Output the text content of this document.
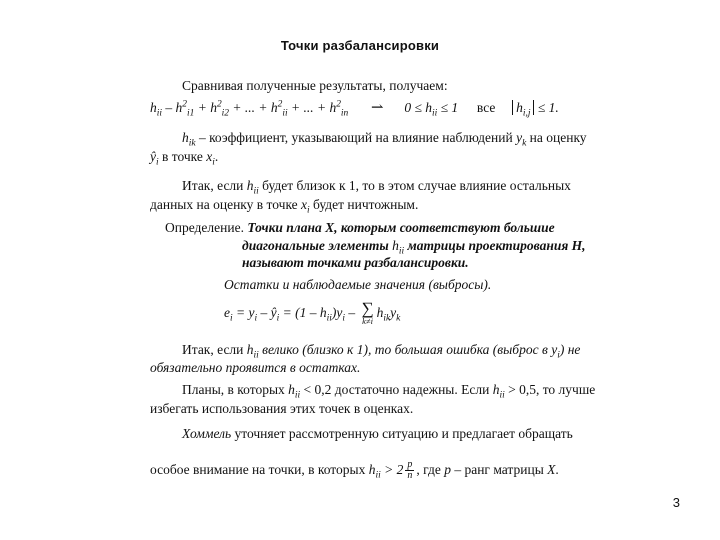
Точки разбалансировки
Сравнивая полученные результаты, получаем:
$h_{ii} - h^2_{i1} + h^2_{i2}$ + ... + $h^2_{ii}$ + ... + $h^2_{in}$ ⇀ $0 \le h_{ii} \le 1$ все $h_{i,j} \le 1$.
$h_{ik}$ – коэффициент, указывающий на влияние наблюдений $y_k$ на оценку
$ŷ_i$ в точке $x_i$.
Итак, если $h_{ii}$ будет близок к 1, то в этом случае влияние остальных
данных на оценку в точке $x_i$ будет ничтожным.
Определение. Точки плана X, которым соответствуют большие
диагональные элементы $h_{ii}$ матрицы проектирования H,
называют точками разбалансировки.
Остатки и наблюдаемые значения (выбросы).
$e_i = y_i$ – $ŷ_i = (1 - h_{ii})y_i$ – ∑
k≠i
$h_{ik}y_k$
Итак, если $h_{ii}$ велико (близко к 1), то большая ошибка (выброс в $y_i$) не
обязательно проявится в остатках.
Планы, в которых $h_{ii} < 0,2$ достаточно надежны. Если $h_{ii} > 0,5$, то лучше
избегать использования этих точек в оценках.
Хоммель уточняет рассмотренную ситуацию и предлагает обращать
особое внимание на точки, в которых $h_{ii} > 2 \frac{p}{n}$ , где p – ранг матрицы X.
3
